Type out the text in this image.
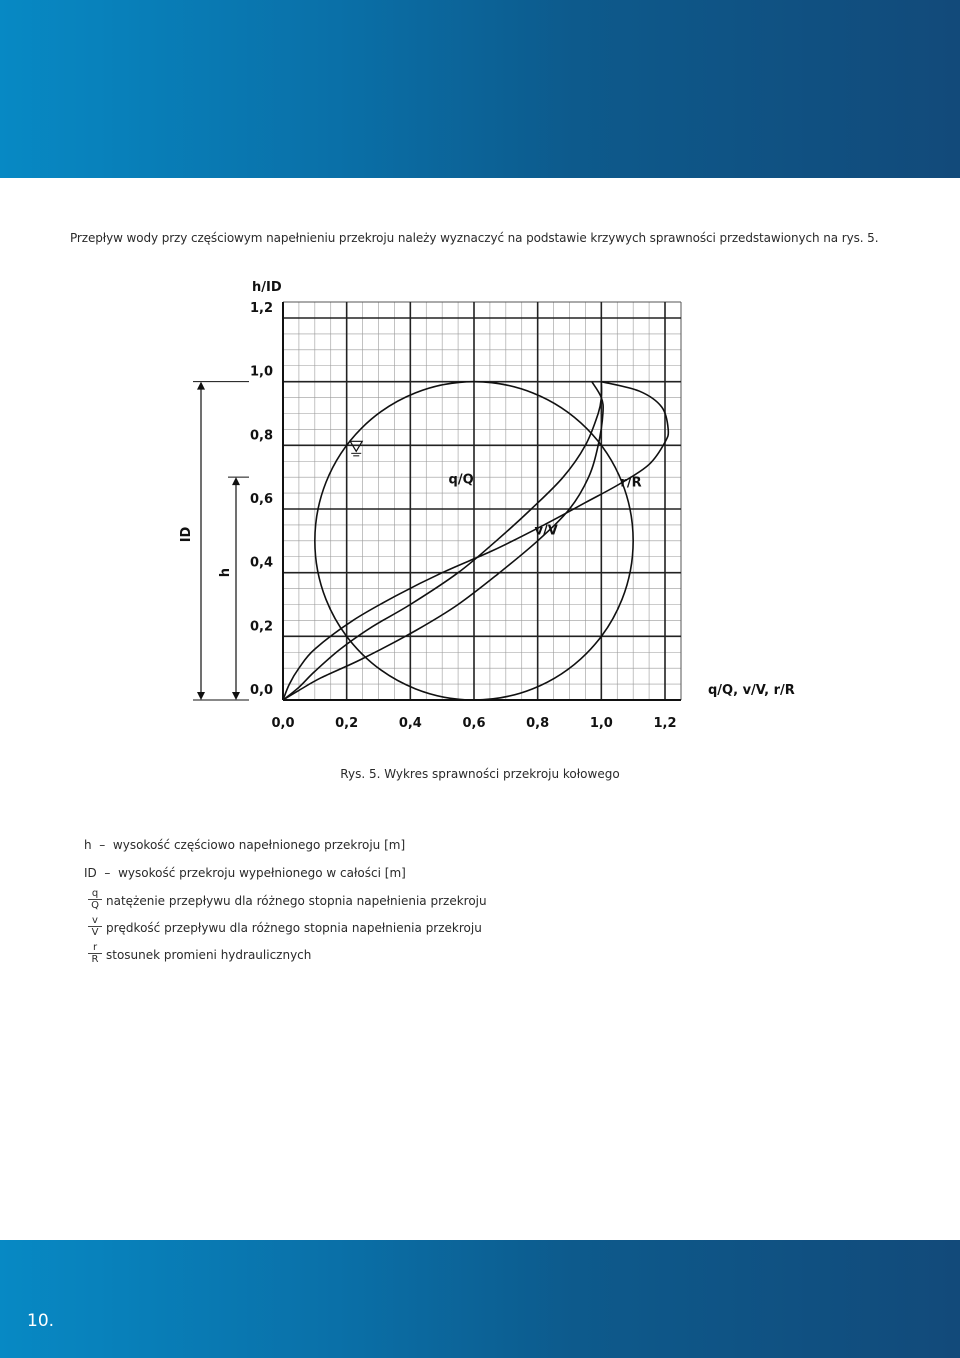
Przepływ wody przy częściowym napełnieniu przekroju należy wyznaczyć na podstawie krzywych sprawności przedstawionych na rys. 5.

0,0	0,2	0,4	0,6	0,8	1,0	1,2
0,0
0,2
0,4
0,6
0,8
1,0
1,2
h/ID
q/Q, v/V, r/R
q/Q
v/V
r/R
ID
h
Rys. 5. Wykres sprawności przekroju kołowego
h  –  wysokość częściowo napełnionego przekroju [m]
ID  –  wysokość przekroju wypełnionego w całości [m]
$\frac{q}{Q}$ natężenie przepływu dla różnego stopnia napełnienia przekroju
$\frac{v}{V}$ prędkość przepływu dla różnego stopnia napełnienia przekroju
$\frac{r}{R}$ stosunek promieni hydraulicznych
10.
